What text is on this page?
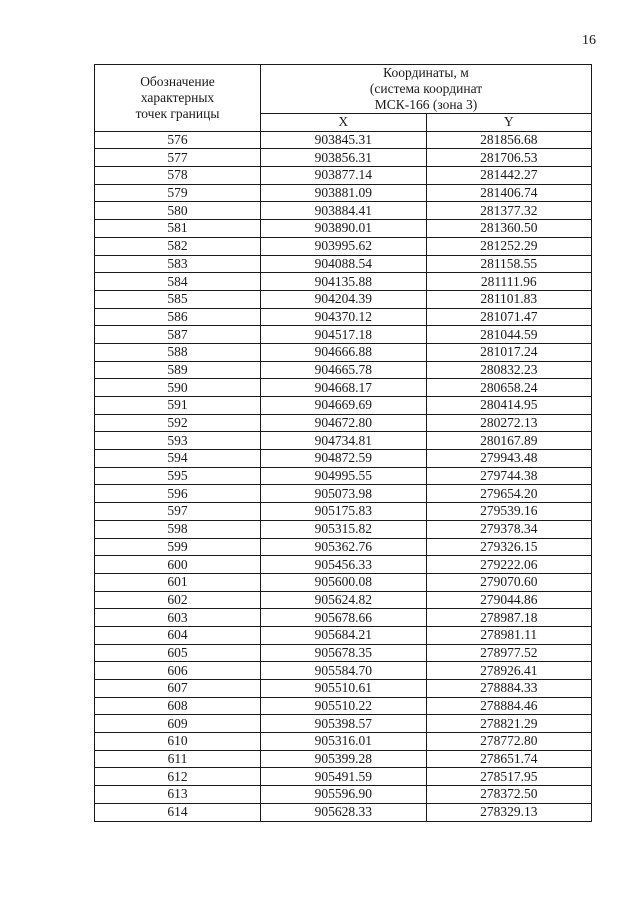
16
Обозначение
характерных
точек границы	Координаты, м
(система координат
МСК-166 (зона 3)	

	X	Y
576	903845.31	281856.68
577	903856.31	281706.53
578	903877.14	281442.27
579	903881.09	281406.74
580	903884.41	281377.32
581	903890.01	281360.50
582	903995.62	281252.29
583	904088.54	281158.55
584	904135.88	281111.96
585	904204.39	281101.83
586	904370.12	281071.47
587	904517.18	281044.59
588	904666.88	281017.24
589	904665.78	280832.23
590	904668.17	280658.24
591	904669.69	280414.95
592	904672.80	280272.13
593	904734.81	280167.89
594	904872.59	279943.48
595	904995.55	279744.38
596	905073.98	279654.20
597	905175.83	279539.16
598	905315.82	279378.34
599	905362.76	279326.15
600	905456.33	279222.06
601	905600.08	279070.60
602	905624.82	279044.86
603	905678.66	278987.18
604	905684.21	278981.11
605	905678.35	278977.52
606	905584.70	278926.41
607	905510.61	278884.33
608	905510.22	278884.46
609	905398.57	278821.29
610	905316.01	278772.80
611	905399.28	278651.74
612	905491.59	278517.95
613	905596.90	278372.50
614	905628.33	278329.13
